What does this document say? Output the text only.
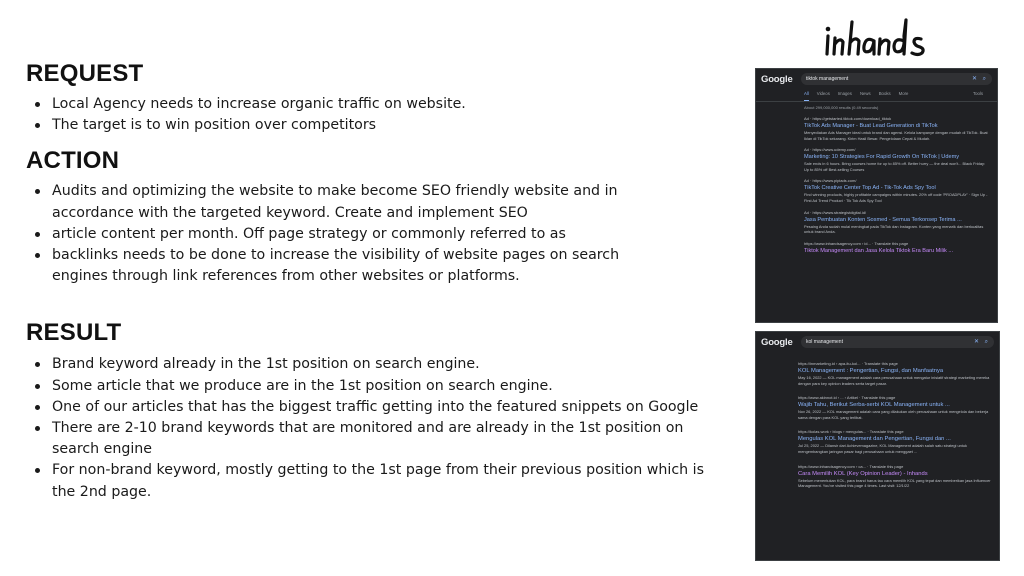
REQUEST
Local Agency needs to increase organic traffic on website.
The target is to win position over competitors
ACTION
Audits and optimizing the website to make become SEO friendly website and in accordance with the targeted keyword. Create and implement SEO
article content per month. Off page strategy or commonly referred to as
backlinks needs to be done to increase the visibility of website pages on search engines through link references from other websites or platforms.
RESULT
Brand keyword already in the 1st position on search engine.
Some article that we produce are in the 1st position on search engine.
One of our articles that has the biggest traffic getting into the featured snippets on Google
There are 2-10 brand keywords that are monitored and are already in the 1st position on search engine
For non-brand keyword, mostly getting to the 1st page from their previous position which is the 2nd page.
Google	tiktok management	✕ ⌕
All Videos Images News Books More	Tools
About 299,000,000 results (0.49 seconds)
Ad · https://getstarted.tiktok.com/download_tiktok
TikTok Ads Manager - Buat Lead Generation di TikTok
Menyediakan Ads Manager ideal untuk brand dan agensi. Kelola kampanye dengan mudah di TikTok. Buat Iklan di TikTok sekarang. Kirim Hasil Besar. Pengelolaan Cepat & Mudah.
Ad · https://www.udemy.com/
Marketing: 10 Strategies For Rapid Growth On TikTok | Udemy
Sale ends in 6 hours. Bring courses home for up to 85% off. Better hurry — the deal won't... Black Friday: Up to 85% off Best-selling Courses
Ad · https://www.pipiads.com/
TikTok Creative Center Top Ad - Tik-Tok Ads Spy Tool
Find winning products, highly profitable campaigns within minutes. 20% off code 'PROADPLAY' · Sign Up - First Ad Trend Product · Tik Tok Ads Spy Tool
Ad · https://www.strategistdigital.id/
Jasa Pembuatan Konten Sosmed - Semua Terkonsep Terima ...
Pesaing Anda sudah mulai meningkat pada TikTok dan Instagram. Konten yang menarik dan berkualitas untuk brand Anda.
https://www.inhandsagency.com › id... · Translate this page
Tiktok Management dan Jasa Kelola Tiktok Era Baru Milik ...
Google	kol management	✕ ⌕
https://inmarketing.id › apa-itu-kol... · Translate this page
KOL Management : Pengertian, Fungsi, dan Manfaatnya
May 16, 2022 — KOL management adalah cara perusahaan untuk mengatur inisiatif strategi marketing mereka dengan para key opinion leaders serta target pasar.
https://www.akinnot.id › ... › Artikel · Translate this page
Wajib Tahu, Berikut Serba-serbi KOL Management untuk ...
Nov 26, 2022 — KOL management adalah cara yang dilakukan oleh perusahaan untuk mengelola dan bekerja sama dengan para KOL yang terlibat.
https://kolas.work › blogs › mengulas... · Translate this page
Mengulas KOL Management dan Pengertian, Fungsi dan ...
Jul 25, 2022 — Dilansir dari Achievemagazine, KOL Management adalah salah satu strategi untuk mengembangkan jaringan pasar bagi perusahaan untuk menggaet ...
https://www.inhandsagency.com › ca... · Translate this page
Cara Memilih KOL (Key Opinion Leader) - Inhands
Sebelum menentukan KOL, para brand harus tau cara memilih KOL yang tepat dan memberikan jasa Influencer Management. You've visited this page 4 times. Last visit: 12/1/22
